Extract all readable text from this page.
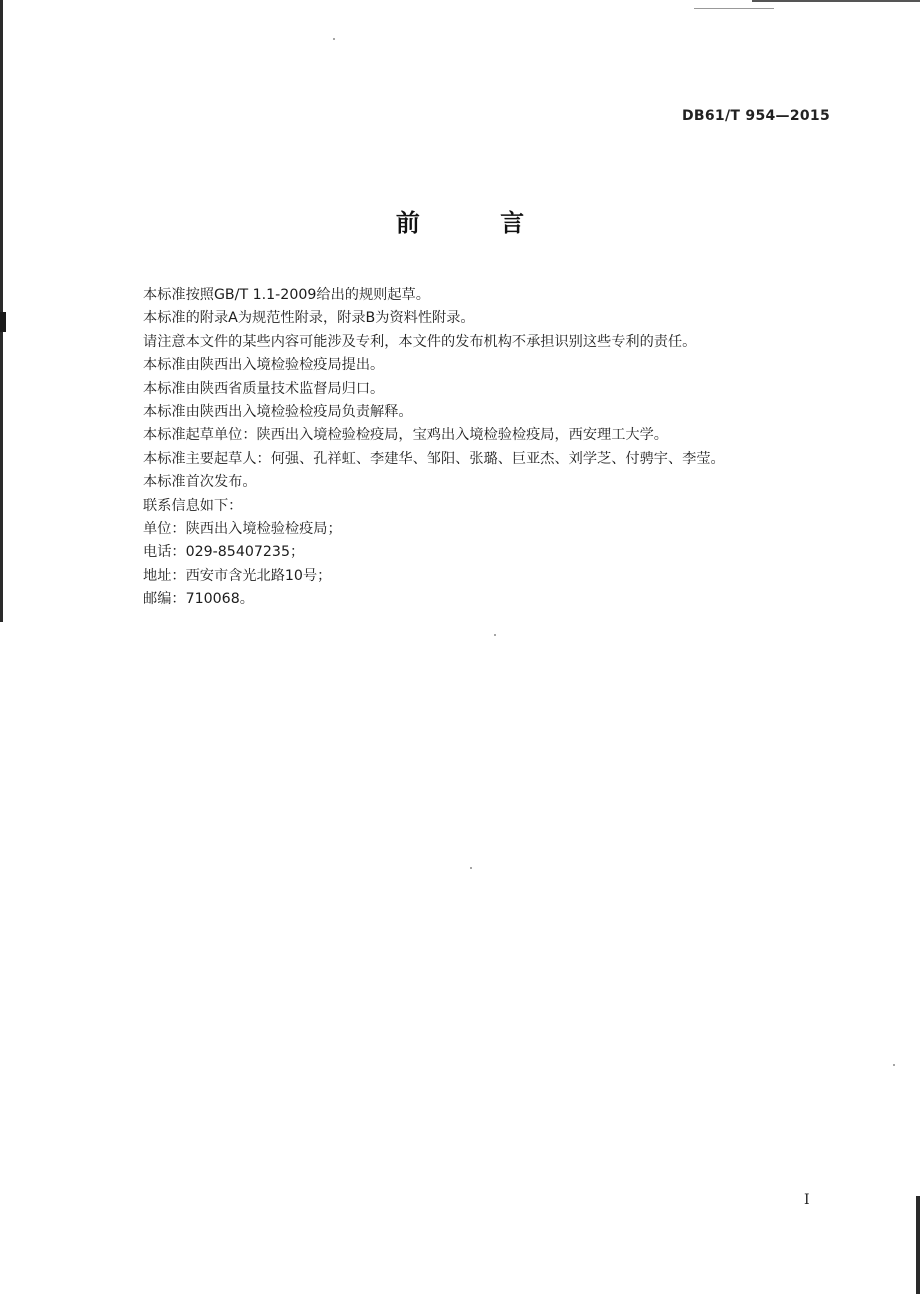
DB61/T 954—2015
前 言
本标准按照GB/T 1.1-2009给出的规则起草。
本标准的附录A为规范性附录，附录B为资料性附录。
请注意本文件的某些内容可能涉及专利，本文件的发布机构不承担识别这些专利的责任。
本标准由陕西出入境检验检疫局提出。
本标准由陕西省质量技术监督局归口。
本标准由陕西出入境检验检疫局负责解释。
本标准起草单位：陕西出入境检验检疫局，宝鸡出入境检验检疫局，西安理工大学。
本标准主要起草人：何强、孔祥虹、李建华、邹阳、张璐、巨亚杰、刘学芝、付骋宇、李莹。
本标准首次发布。
联系信息如下：
单位：陕西出入境检验检疫局；
电话：029-85407235；
地址：西安市含光北路10号；
邮编：710068。
I
